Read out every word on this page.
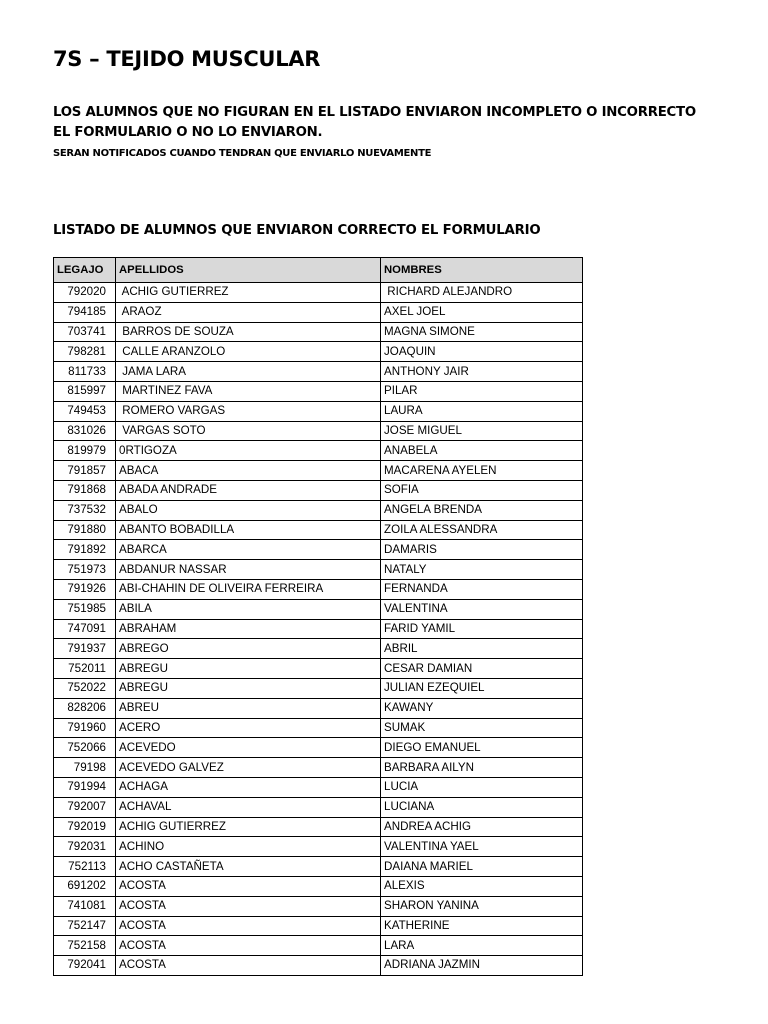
7S – TEJIDO MUSCULAR
LOS ALUMNOS QUE NO FIGURAN EN EL LISTADO ENVIARON INCOMPLETO O INCORRECTO
EL FORMULARIO O NO LO ENVIARON.
SERAN NOTIFICADOS CUANDO TENDRAN QUE ENVIARLO NUEVAMENTE
LISTADO DE ALUMNOS QUE ENVIARON CORRECTO EL FORMULARIO
LEGAJO	APELLIDOS	NOMBRES
792020	ACHIG GUTIERREZ	RICHARD ALEJANDRO
794185	ARAOZ	AXEL JOEL
703741	BARROS DE SOUZA	MAGNA SIMONE
798281	CALLE ARANZOLO	JOAQUIN
811733	JAMA LARA	ANTHONY JAIR
815997	MARTINEZ FAVA	PILAR
749453	ROMERO VARGAS	LAURA
831026	VARGAS SOTO	JOSE MIGUEL
819979	0RTIGOZA	ANABELA
791857	ABACA	MACARENA AYELEN
791868	ABADA ANDRADE	SOFIA
737532	ABALO	ANGELA BRENDA
791880	ABANTO BOBADILLA	ZOILA ALESSANDRA
791892	ABARCA	DAMARIS
751973	ABDANUR NASSAR	NATALY
791926	ABI-CHAHIN DE OLIVEIRA FERREIRA	FERNANDA
751985	ABILA	VALENTINA
747091	ABRAHAM	FARID YAMIL
791937	ABREGO	ABRIL
752011	ABREGU	CESAR DAMIAN
752022	ABREGU	JULIAN EZEQUIEL
828206	ABREU	KAWANY
791960	ACERO	SUMAK
752066	ACEVEDO	DIEGO EMANUEL
79198	ACEVEDO GALVEZ	BARBARA AILYN
791994	ACHAGA	LUCIA
792007	ACHAVAL	LUCIANA
792019	ACHIG GUTIERREZ	ANDREA ACHIG
792031	ACHINO	VALENTINA YAEL
752113	ACHO CASTAÑETA	DAIANA MARIEL
691202	ACOSTA	ALEXIS
741081	ACOSTA	SHARON YANINA
752147	ACOSTA	KATHERINE
752158	ACOSTA	LARA
792041	ACOSTA	ADRIANA JAZMIN
